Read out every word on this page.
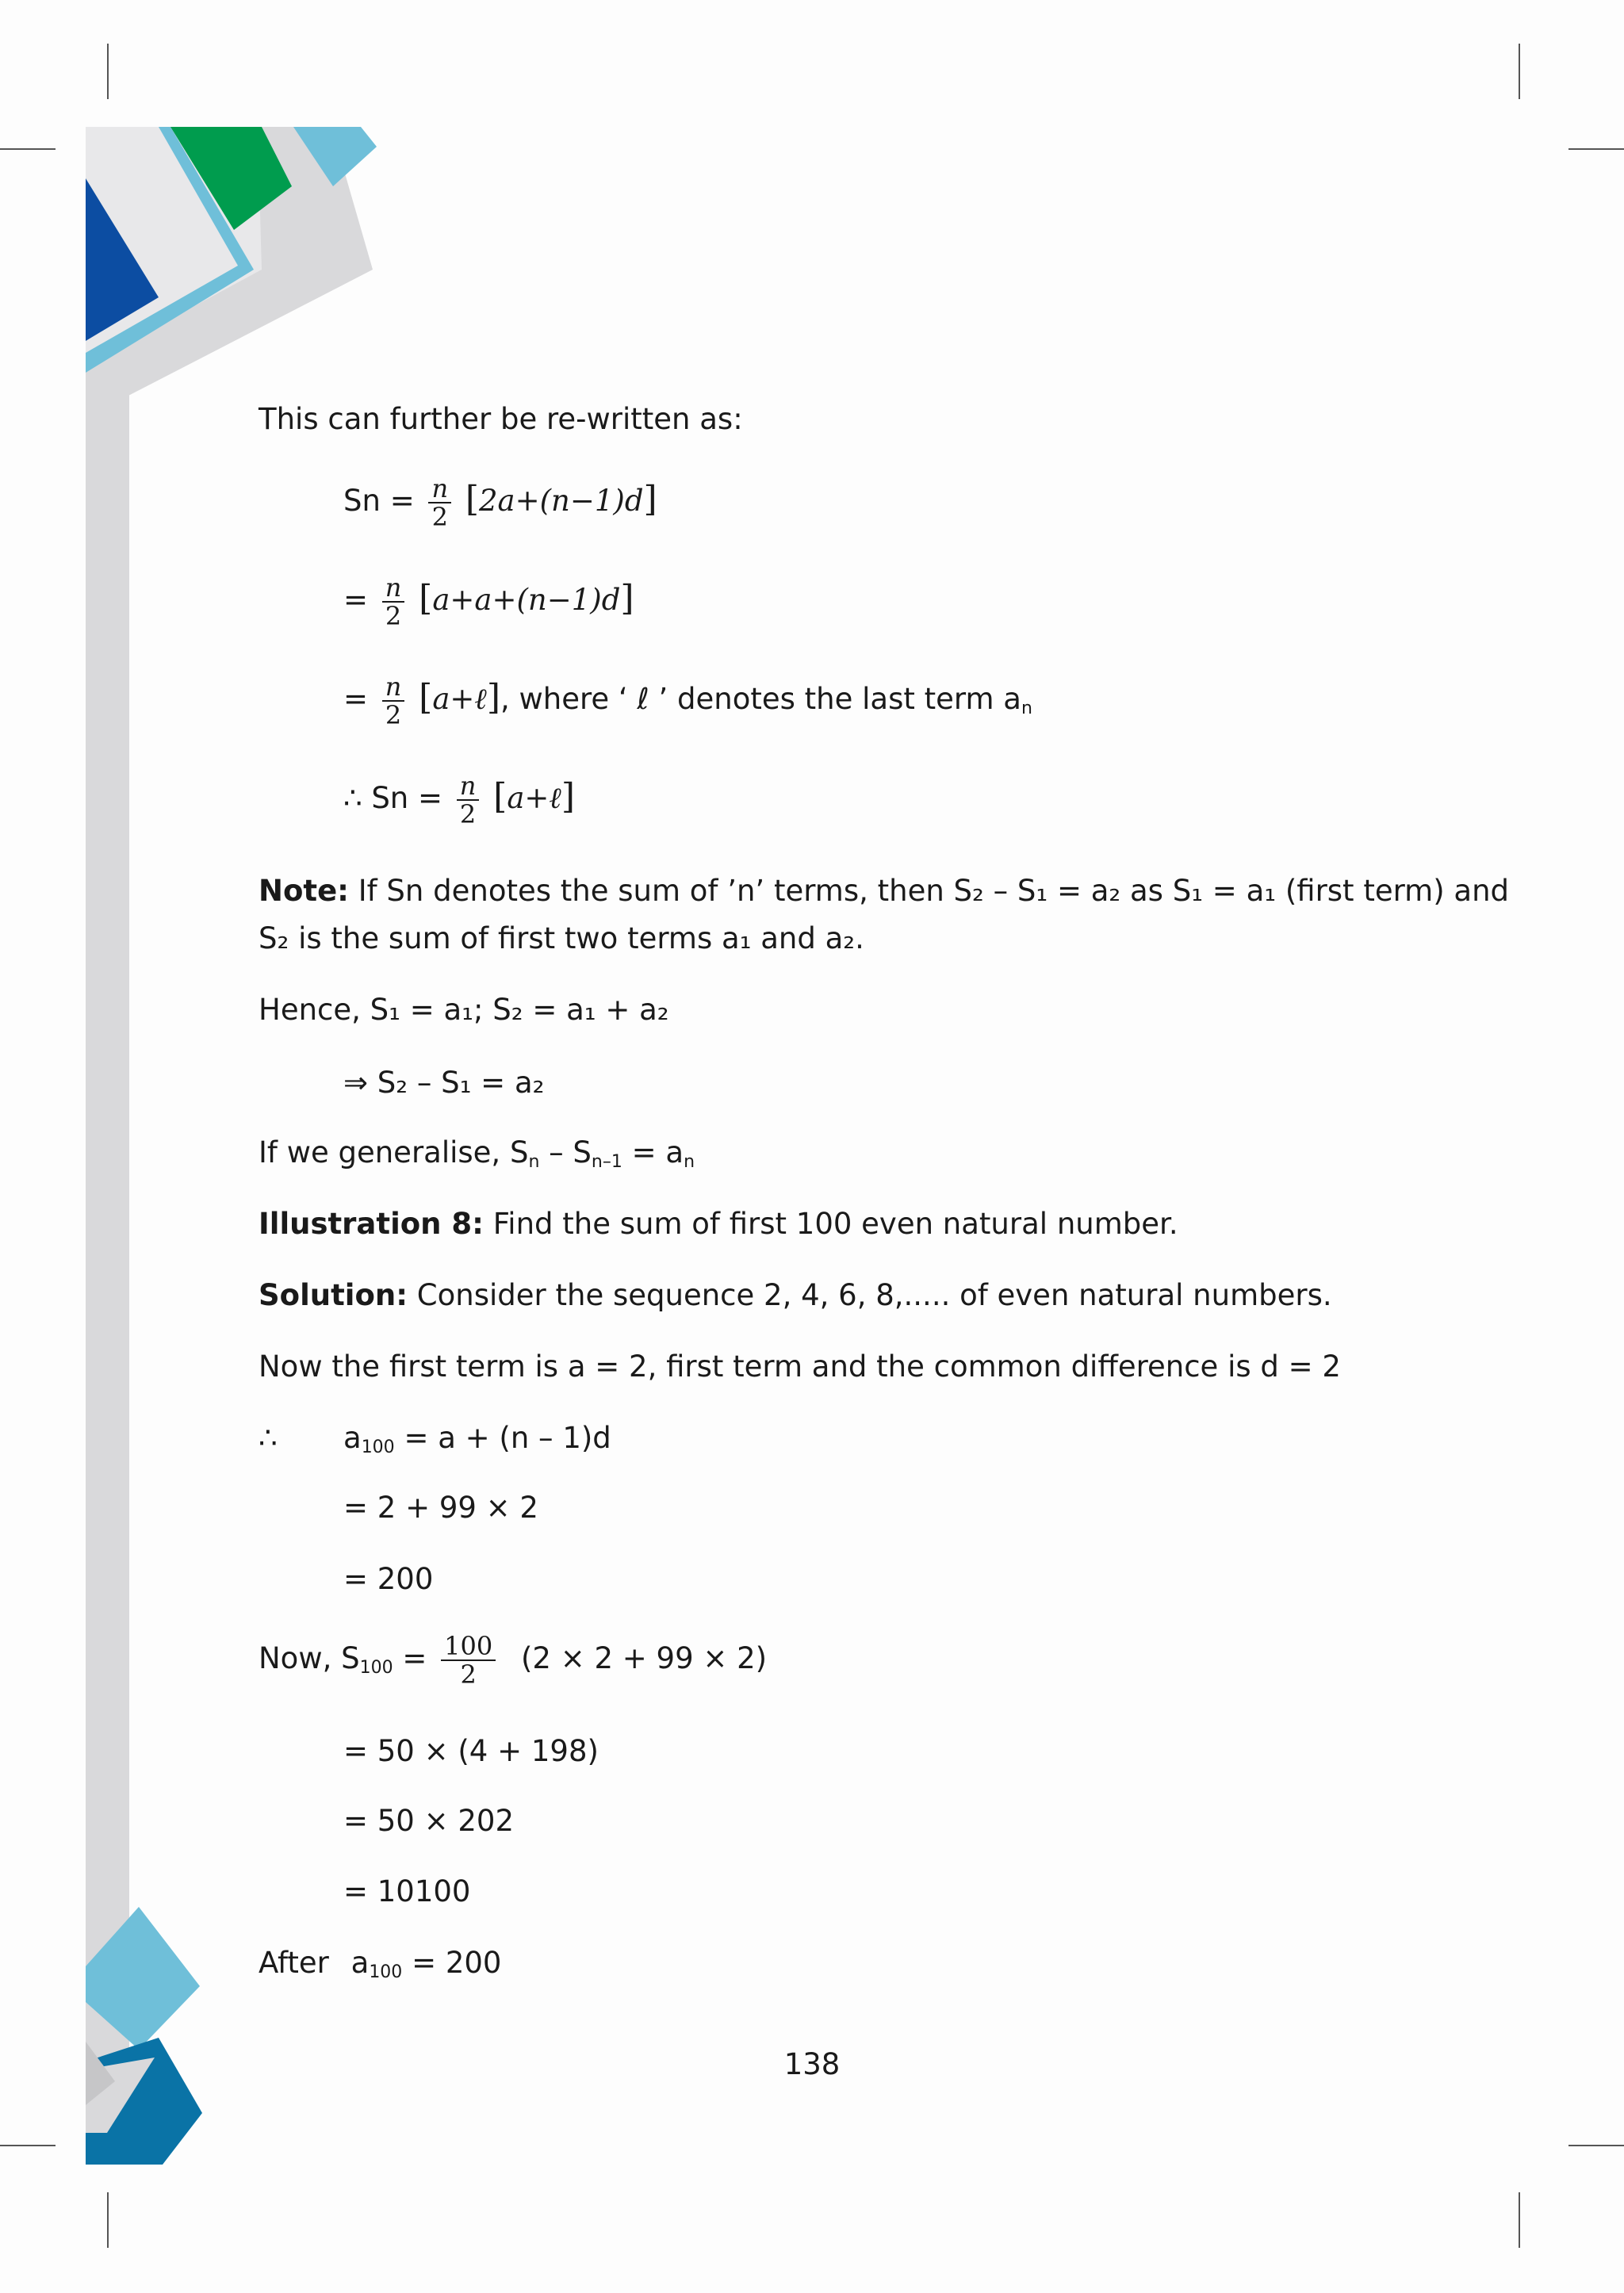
This can further be re-written as:
$Sn = \frac{n}{2} [2a+(n-1)d]$
= $\frac{n}{2} [a+a+(n-1)d]$
= $\frac{n}{2}$ [a+ℓ], where ‘ ℓ ’ denotes the last term $a_n$
∴ $Sn = \frac{n}{2}$ [a+ℓ]
Note: If Sn denotes the sum of ’n’ terms, then S₂ – S₁ = a₂ as S₁ = a₁ (first term) and
S₂ is the sum of first two terms a₁ and a₂.
Hence, S₁ = a₁; S₂ = a₁ + a₂
⇒ S₂ – S₁ = a₂
If we generalise, $S_n - S_{n-1} = a_n$
Illustration 8: Find the sum of first 100 even natural number.
Solution: Consider the sequence 2, 4, 6, 8,..... of even natural numbers.
Now the first term is a = 2, first term and the common difference is d = 2
∴ $a_{100} = a + (n - 1)d$
= 2 + 99 × 2
= 200
Now, $S_{100} = \frac{100}{2} (2 \times 2 + 99 \times 2)$
= 50 × (4 + 198)
= 50 × 202
= 10100
After $a_{100} = 200$
138
